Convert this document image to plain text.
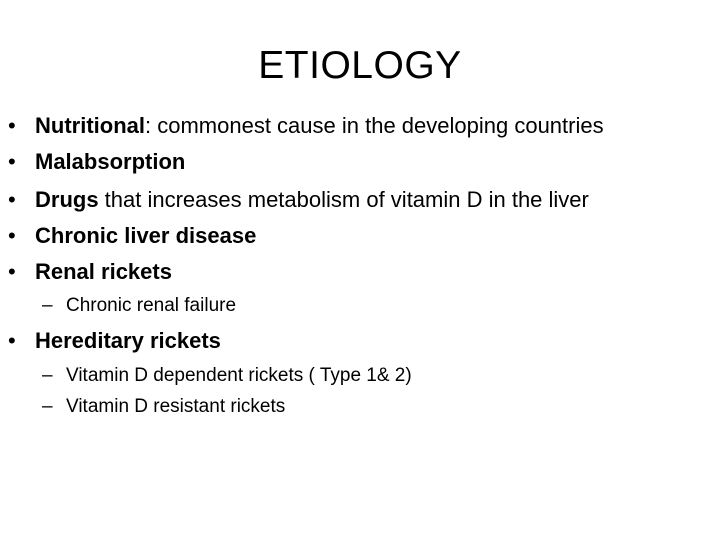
ETIOLOGY
• Nutritional: commonest cause in the developing countries
• Malabsorption
• Drugs that increases metabolism of vitamin D in the liver
• Chronic liver disease
• Renal rickets
– Chronic renal failure
• Hereditary rickets
– Vitamin D dependent rickets ( Type 1& 2)
– Vitamin D resistant rickets
